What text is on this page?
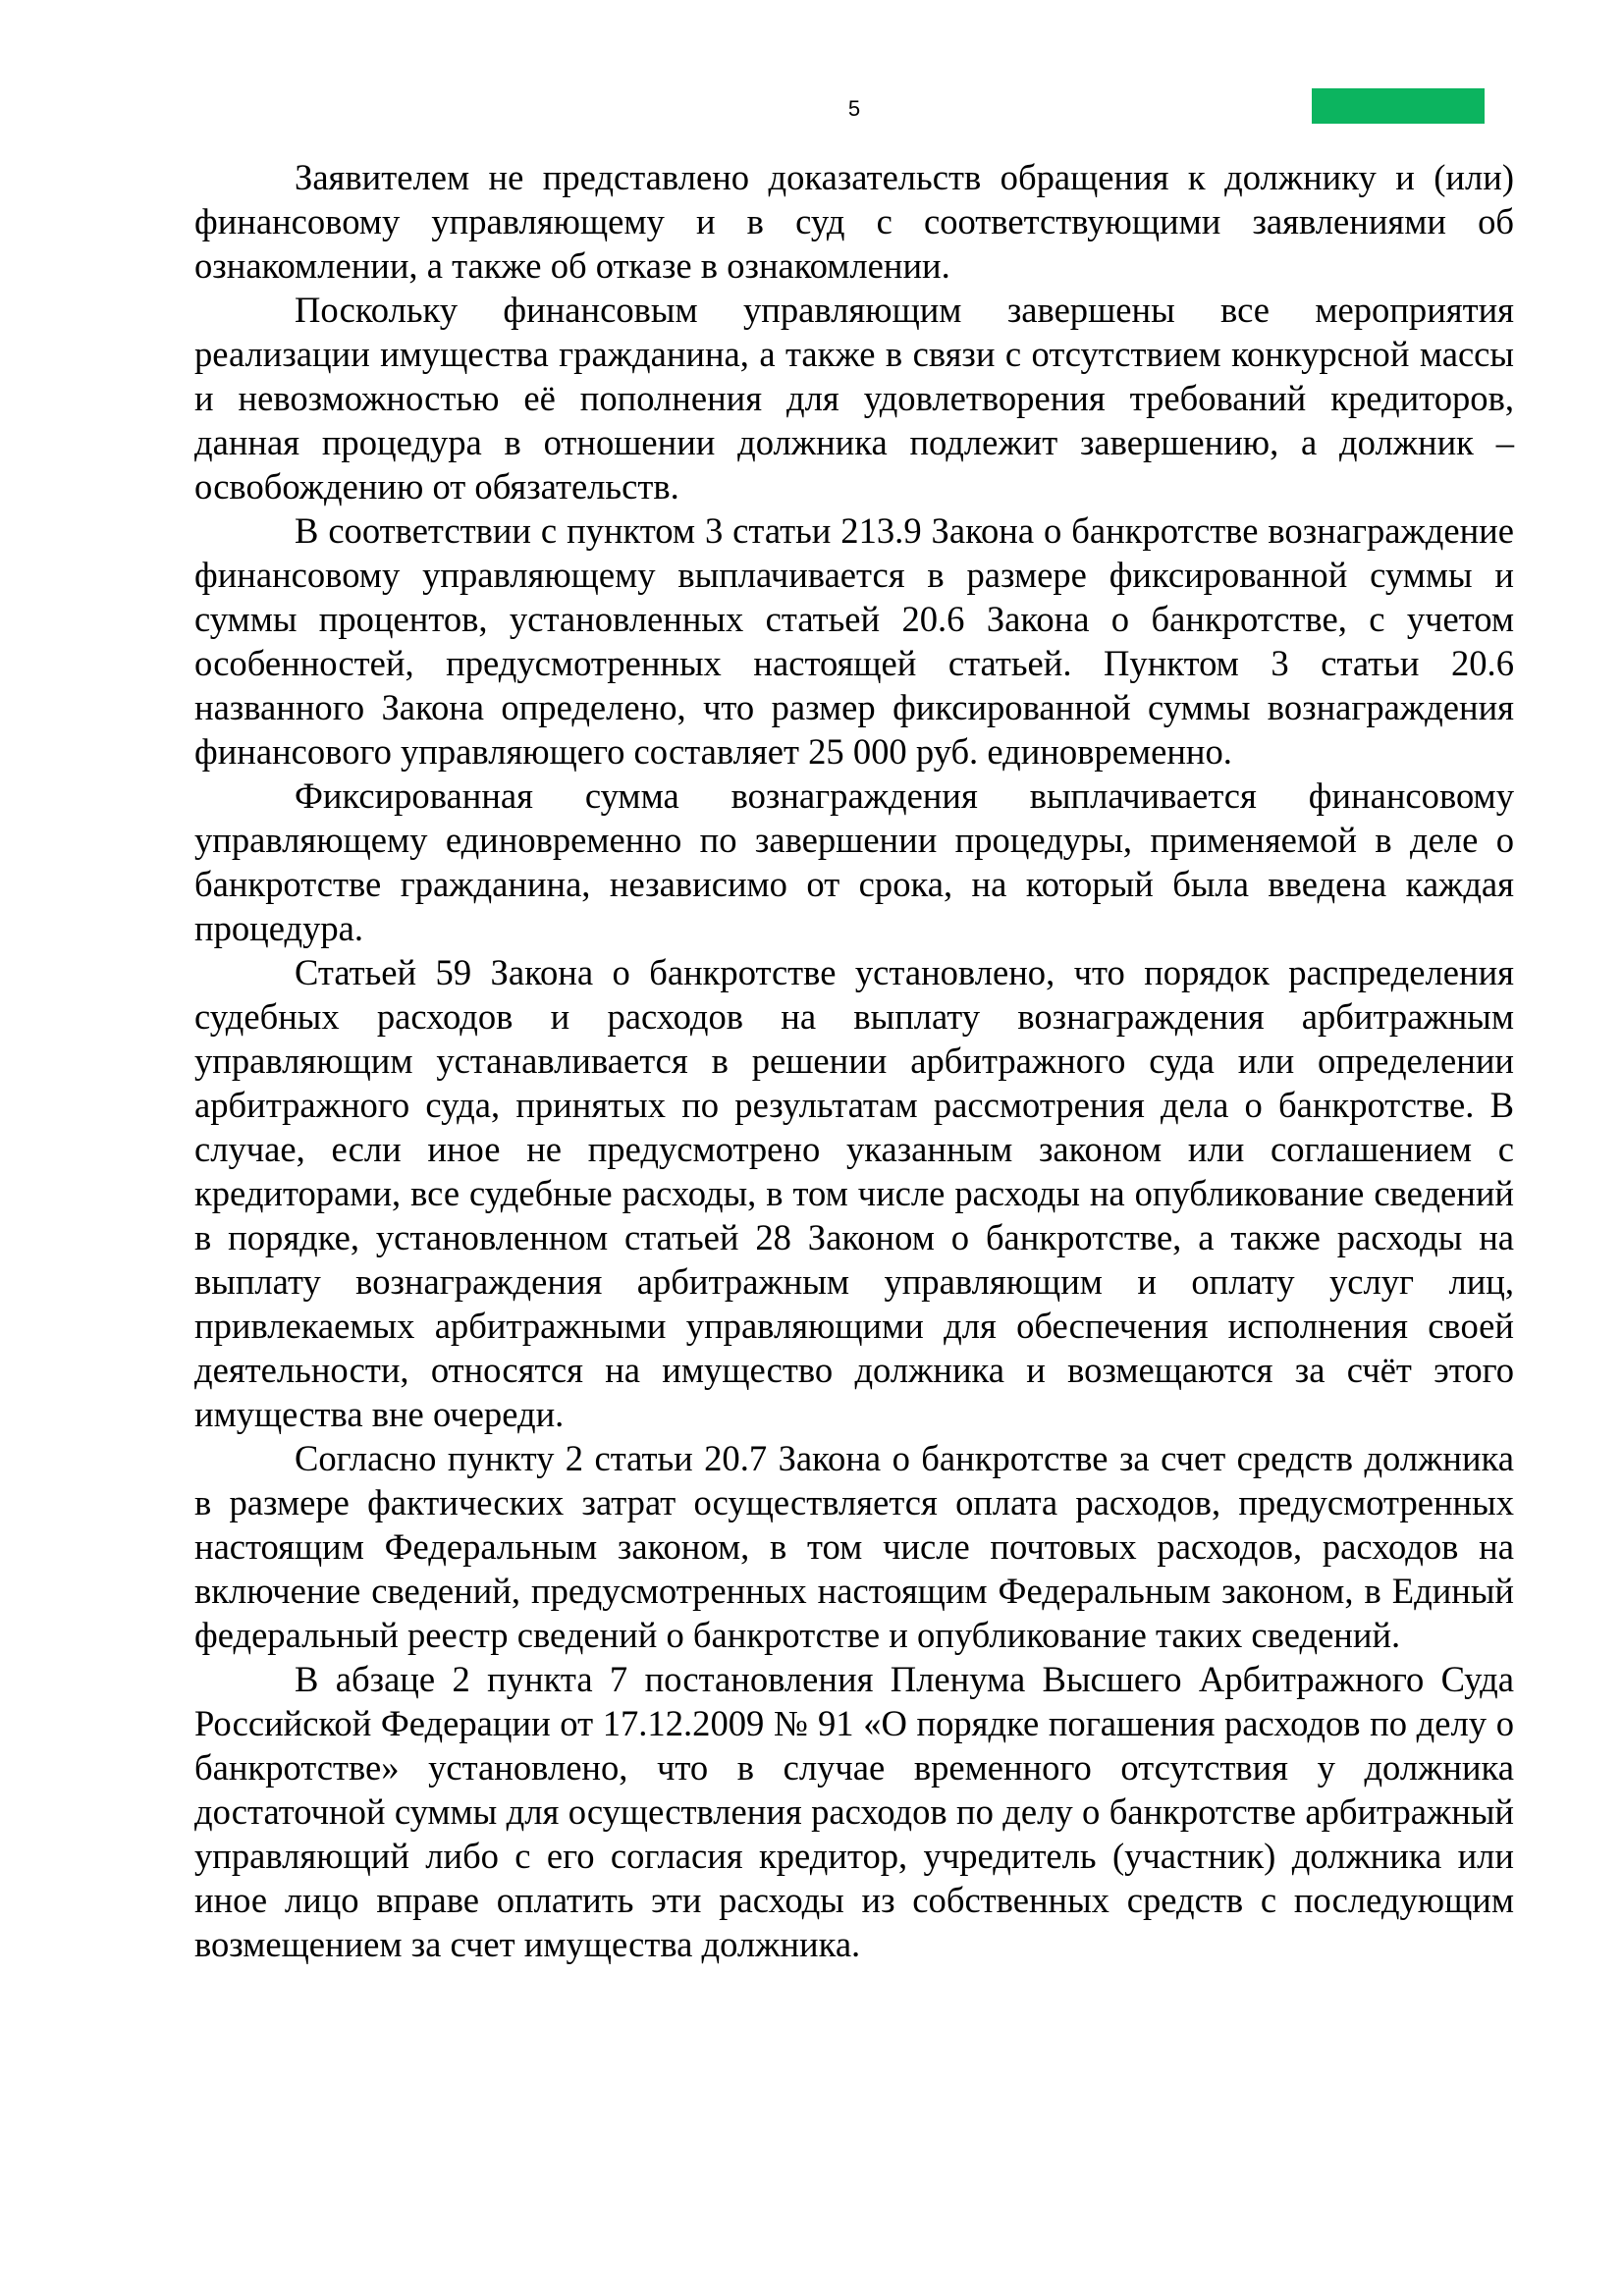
5

Заявителем не представлено доказательств обращения к должнику и (или) финансовому управляющему и в суд с соответствующими заявлениями об ознакомлении, а также об отказе в ознакомлении.

Поскольку финансовым управляющим завершены все мероприятия реализации имущества гражданина, а также в связи с отсутствием конкурсной массы и невозможностью её пополнения для удовлетворения требований кредиторов, данная процедура в отношении должника подлежит завершению, а должник – освобождению от обязательств.

В соответствии с пунктом 3 статьи 213.9 Закона о банкротстве вознаграждение финансовому управляющему выплачивается в размере фиксированной суммы и суммы процентов, установленных статьей 20.6 Закона о банкротстве, с учетом особенностей, предусмотренных настоящей статьей. Пунктом 3 статьи 20.6 названного Закона определено, что размер фиксированной суммы вознаграждения финансового управляющего составляет 25 000 руб. единовременно.

Фиксированная сумма вознаграждения выплачивается финансовому управляющему единовременно по завершении процедуры, применяемой в деле о банкротстве гражданина, независимо от срока, на который была введена каждая процедура.

Статьей 59 Закона о банкротстве установлено, что порядок распределения судебных расходов и расходов на выплату вознаграждения арбитражным управляющим устанавливается в решении арбитражного суда или определении арбитражного суда, принятых по результатам рассмотрения дела о банкротстве. В случае, если иное не предусмотрено указанным законом или соглашением с кредиторами, все судебные расходы, в том числе расходы на опубликование сведений в порядке, установленном статьей 28 Законом о банкротстве, а также расходы на выплату вознаграждения арбитражным управляющим и оплату услуг лиц, привлекаемых арбитражными управляющими для обеспечения исполнения своей деятельности, относятся на имущество должника и возмещаются за счёт этого имущества вне очереди.

Согласно пункту 2 статьи 20.7 Закона о банкротстве за счет средств должника в размере фактических затрат осуществляется оплата расходов, предусмотренных настоящим Федеральным законом, в том числе почтовых расходов, расходов на включение сведений, предусмотренных настоящим Федеральным законом, в Единый федеральный реестр сведений о банкротстве и опубликование таких сведений.

В абзаце 2 пункта 7 постановления Пленума Высшего Арбитражного Суда Российской Федерации от 17.12.2009 № 91 «О порядке погашения расходов по делу о банкротстве» установлено, что в случае временного отсутствия у должника достаточной суммы для осуществления расходов по делу о банкротстве арбитражный управляющий либо с его согласия кредитор, учредитель (участник) должника или иное лицо вправе оплатить эти расходы из собственных средств с последующим возмещением за счет имущества должника.
